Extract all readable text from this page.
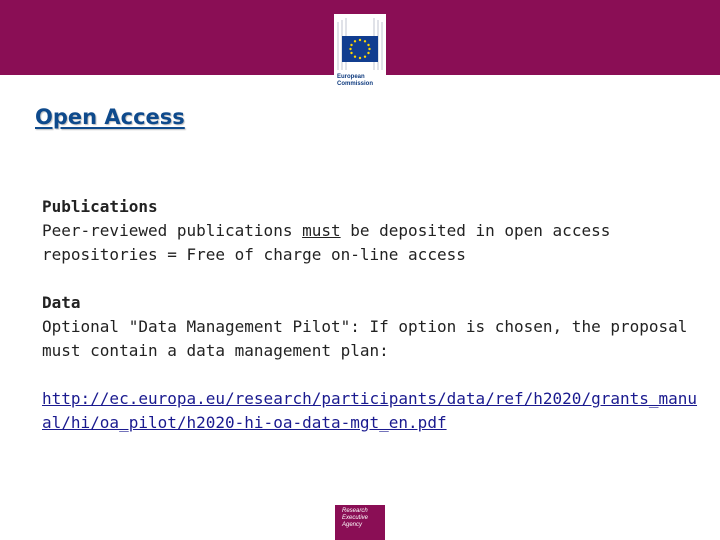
European Commission
Open Access
Publications
Peer-reviewed publications must be deposited in open access repositories = Free of charge on-line access
Data
Optional "Data Management Pilot": If option is chosen, the proposal must contain a data management plan:
http://ec.europa.eu/research/participants/data/ref/h2020/grants_manual/hi/oa_pilot/h2020-hi-oa-data-mgt_en.pdf
Research Executive Agency
